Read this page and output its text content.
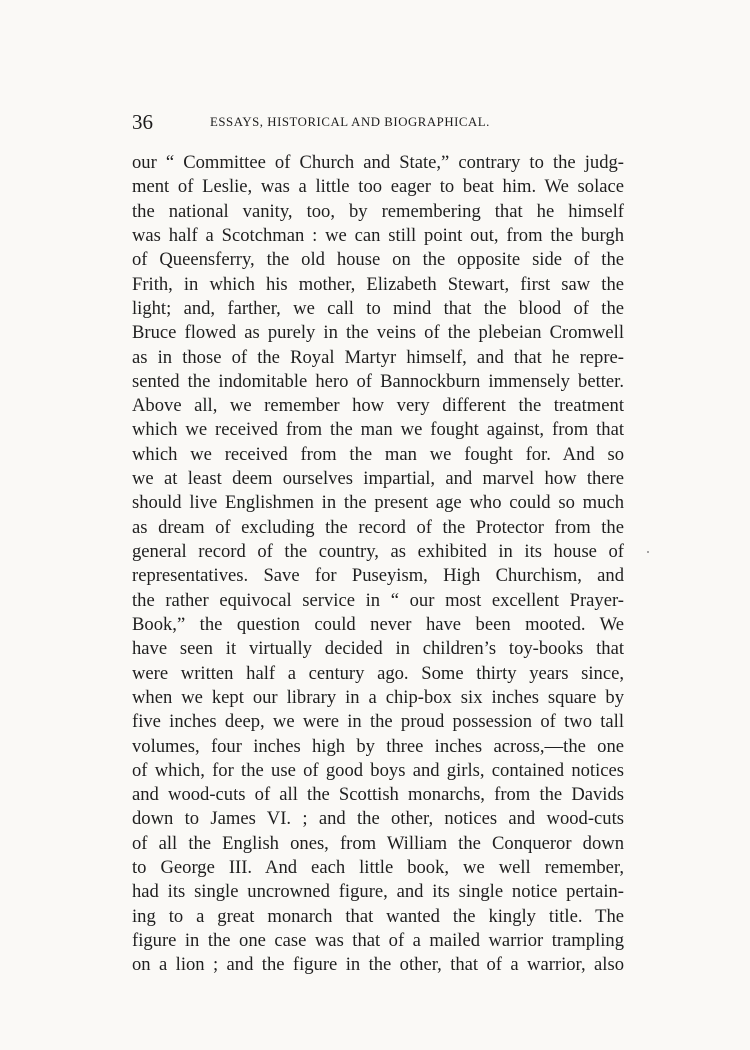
36	ESSAYS, HISTORICAL AND BIOGRAPHICAL.
our “ Committee of Church and State,” contrary to the judg-
ment of Leslie, was a little too eager to beat him. We solace
the national vanity, too, by remembering that he himself
was half a Scotchman : we can still point out, from the burgh
of Queensferry, the old house on the opposite side of the
Frith, in which his mother, Elizabeth Stewart, first saw the
light; and, farther, we call to mind that the blood of the
Bruce flowed as purely in the veins of the plebeian Cromwell
as in those of the Royal Martyr himself, and that he repre-
sented the indomitable hero of Bannockburn immensely better.
Above all, we remember how very different the treatment
which we received from the man we fought against, from that
which we received from the man we fought for. And so
we at least deem ourselves impartial, and marvel how there
should live Englishmen in the present age who could so much
as dream of excluding the record of the Protector from the
general record of the country, as exhibited in its house of
representatives. Save for Puseyism, High Churchism, and
the rather equivocal service in “ our most excellent Prayer-
Book,” the question could never have been mooted. We
have seen it virtually decided in children’s toy-books that
were written half a century ago. Some thirty years since,
when we kept our library in a chip-box six inches square by
five inches deep, we were in the proud possession of two tall
volumes, four inches high by three inches across,—the one
of which, for the use of good boys and girls, contained notices
and wood-cuts of all the Scottish monarchs, from the Davids
down to James VI. ; and the other, notices and wood-cuts
of all the English ones, from William the Conqueror down
to George III. And each little book, we well remember,
had its single uncrowned figure, and its single notice pertain-
ing to a great monarch that wanted the kingly title. The
figure in the one case was that of a mailed warrior trampling
on a lion ; and the figure in the other, that of a warrior, also
